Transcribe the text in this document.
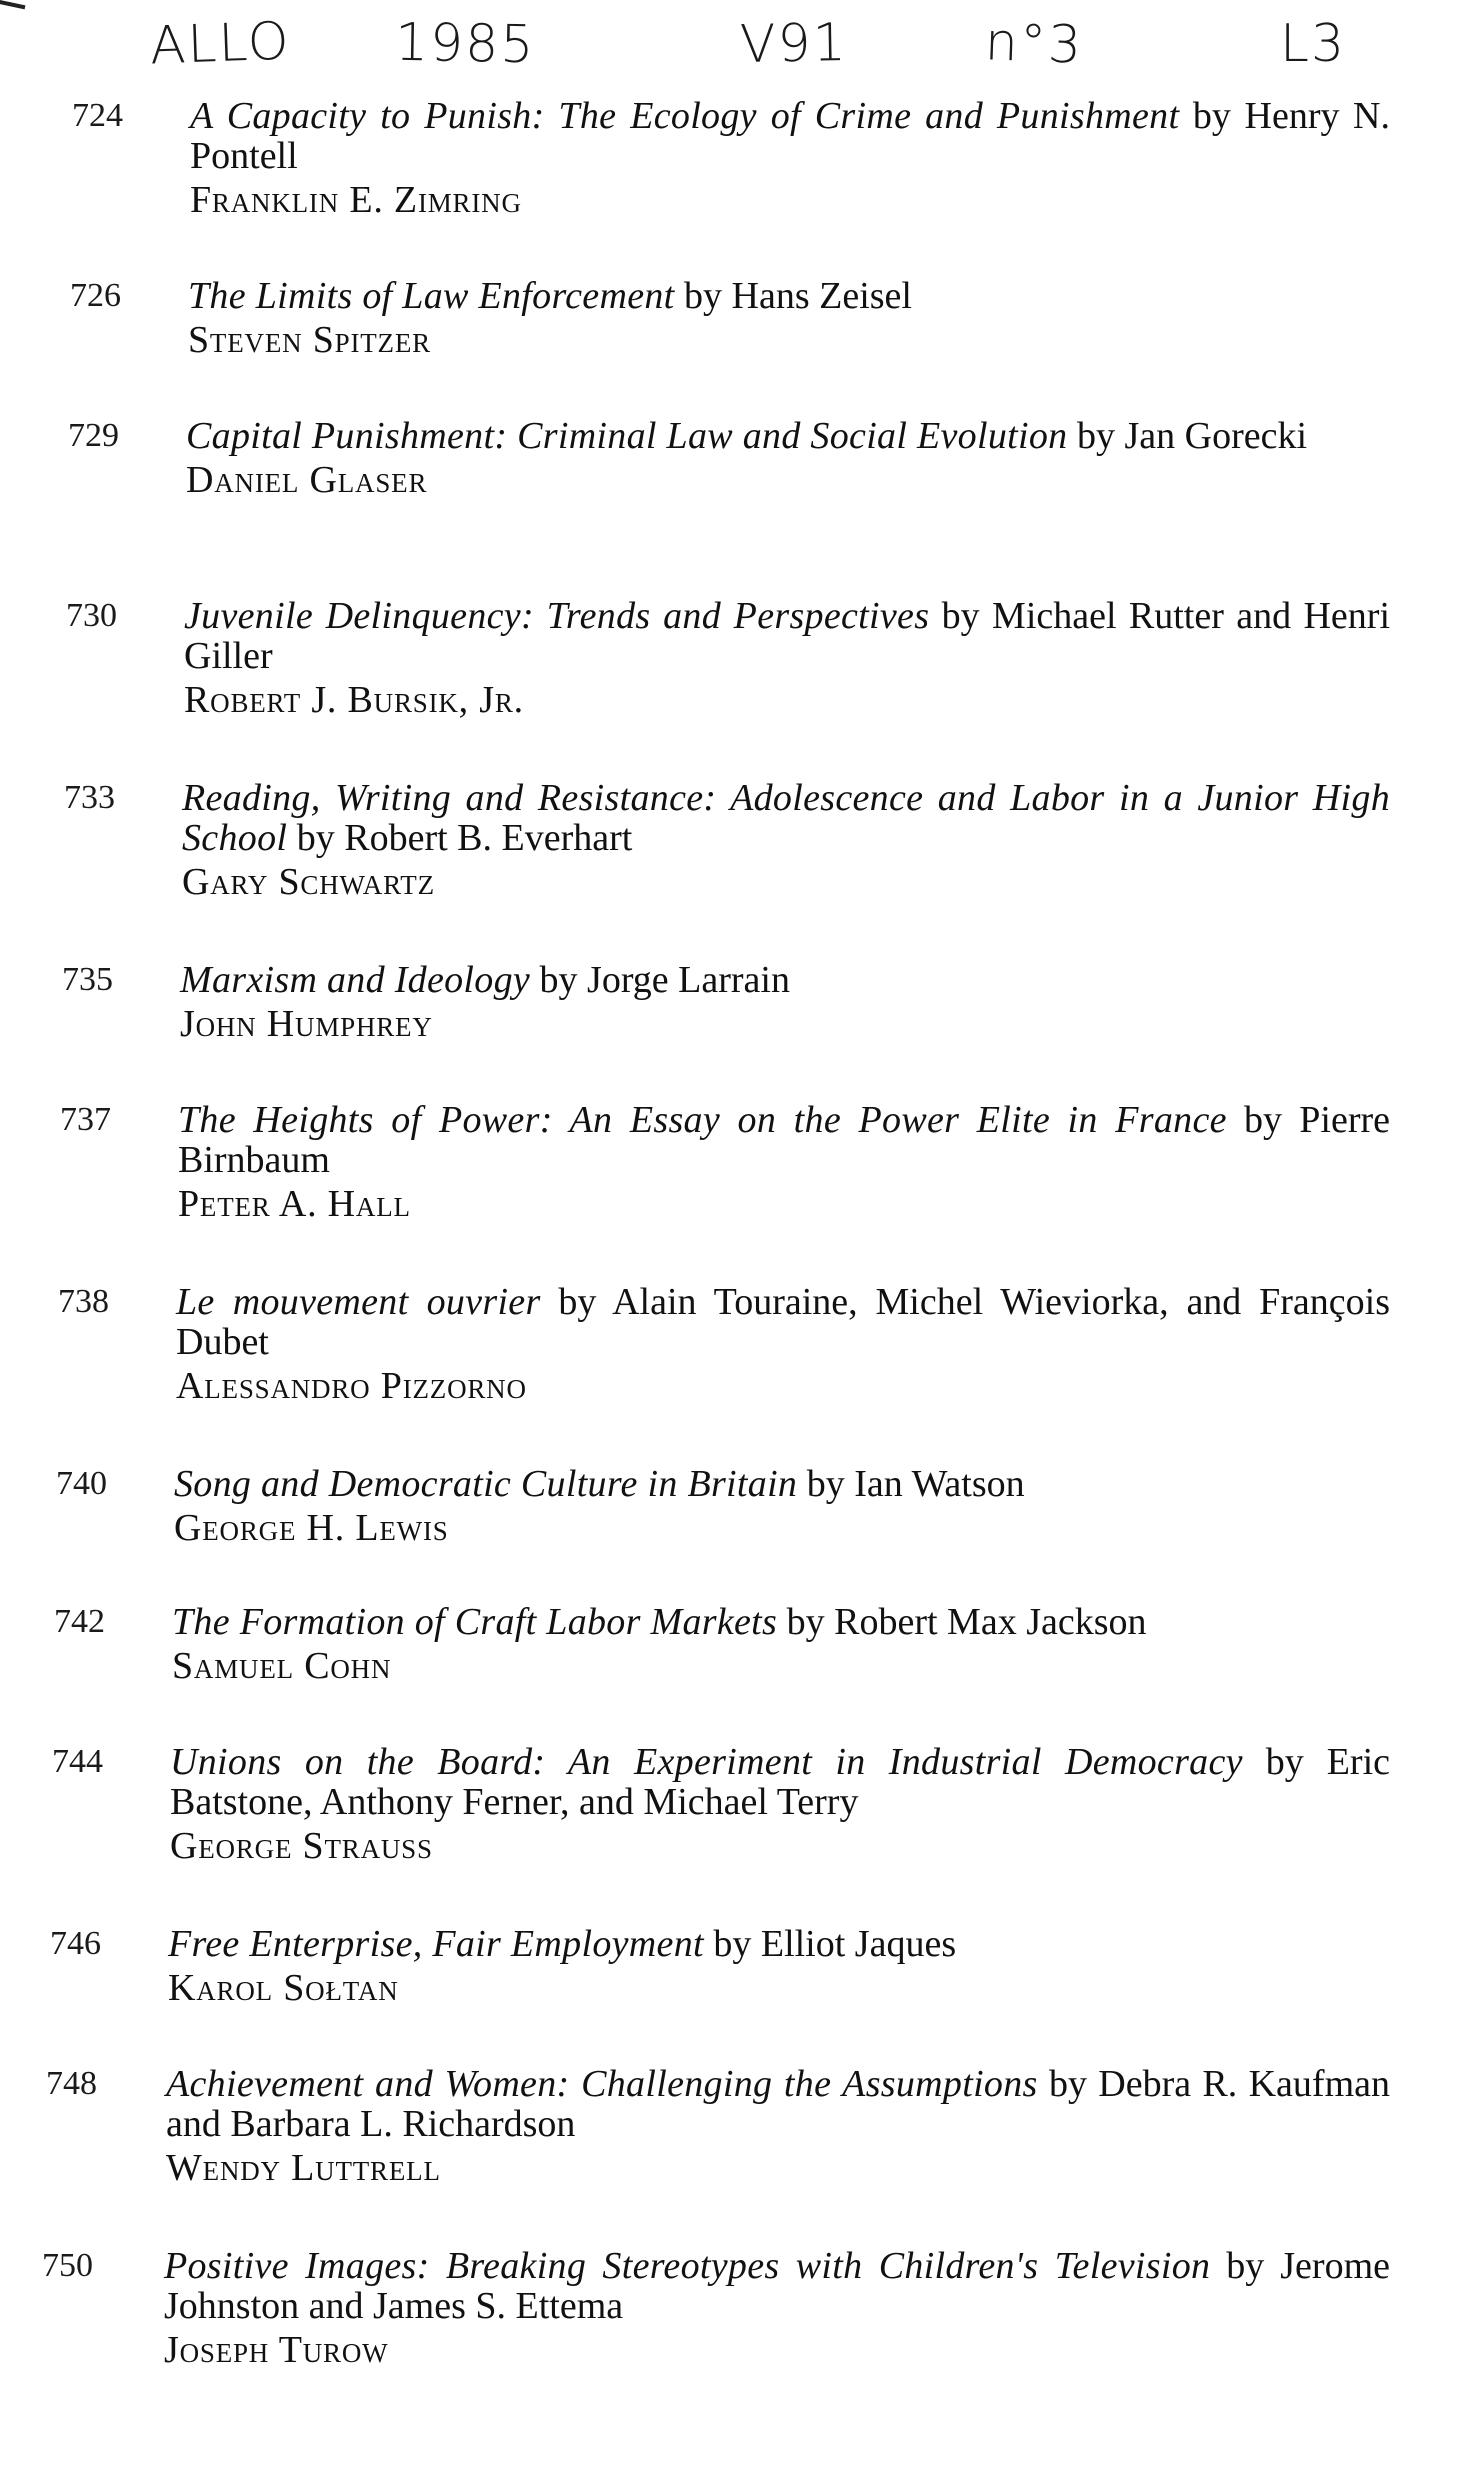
ALLO 1985	V91	n°3	L3
724 A Capacity to Punish: The Ecology of Crime and Punishment by Henry N. Pontell
Franklin E. Zimring
726 The Limits of Law Enforcement by Hans Zeisel
Steven Spitzer
729 Capital Punishment: Criminal Law and Social Evolution by Jan Gorecki
Daniel Glaser
730 Juvenile Delinquency: Trends and Perspectives by Michael Rutter and Henri Giller
Robert J. Bursik, Jr.
733 Reading, Writing and Resistance: Adolescence and Labor in a Junior High School by Robert B. Everhart
Gary Schwartz
735 Marxism and Ideology by Jorge Larrain
John Humphrey
737 The Heights of Power: An Essay on the Power Elite in France by Pierre Birnbaum
Peter A. Hall
738 Le mouvement ouvrier by Alain Touraine, Michel Wieviorka, and François Dubet
Alessandro Pizzorno
740 Song and Democratic Culture in Britain by Ian Watson
George H. Lewis
742 The Formation of Craft Labor Markets by Robert Max Jackson
Samuel Cohn
744 Unions on the Board: An Experiment in Industrial Democracy by Eric Batstone, Anthony Ferner, and Michael Terry
George Strauss
746 Free Enterprise, Fair Employment by Elliot Jaques
Karol Sołtan
748 Achievement and Women: Challenging the Assumptions by Debra R. Kaufman and Barbara L. Richardson
Wendy Luttrell
750 Positive Images: Breaking Stereotypes with Children's Television by Jerome Johnston and James S. Ettema
Joseph Turow
